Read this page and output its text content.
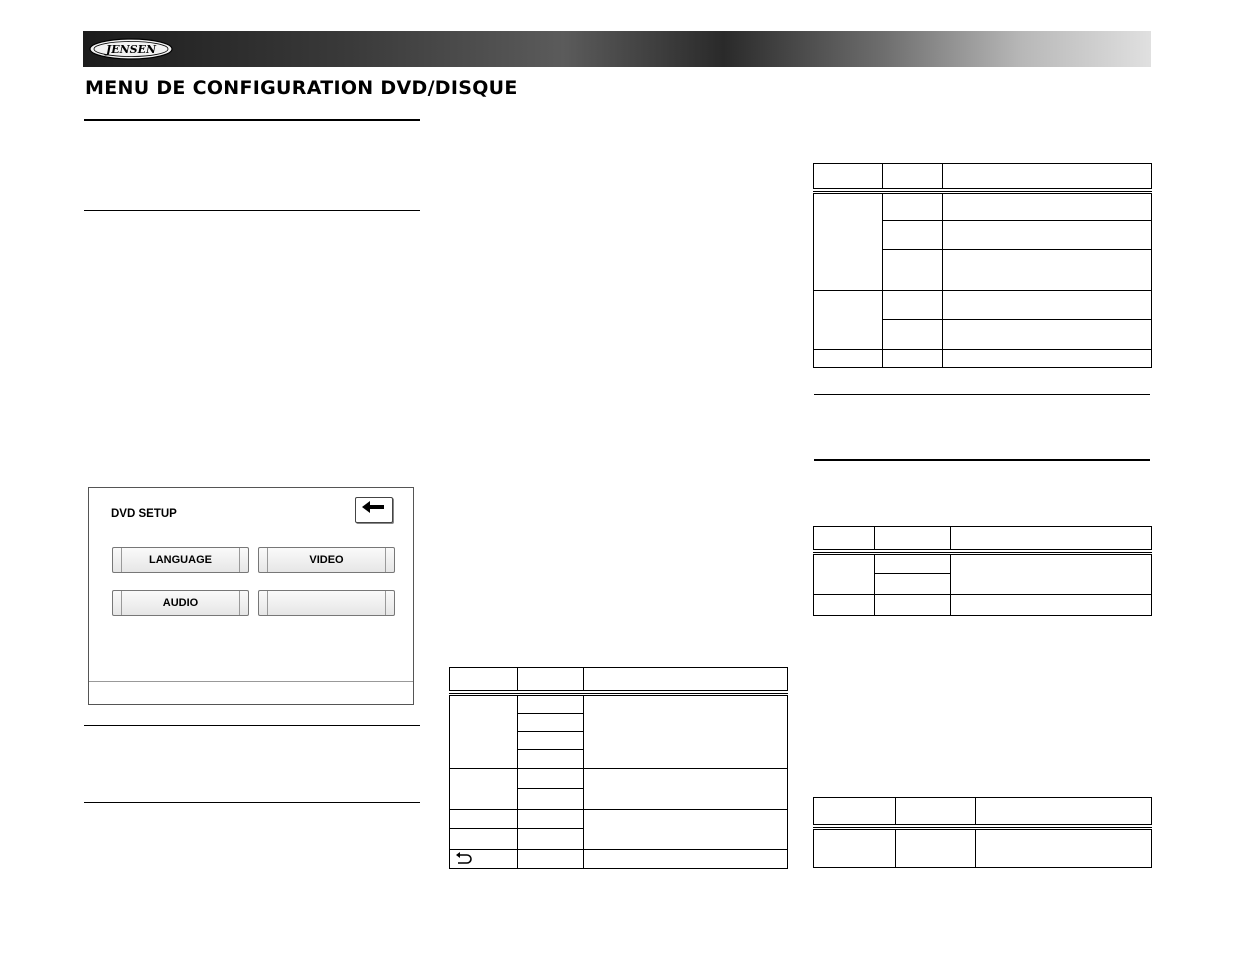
JENSEN
MENU DE CONFIGURATION DVD/DISQUE
DVD SETUP
LANGUAGE	VIDEO
AUDIO
